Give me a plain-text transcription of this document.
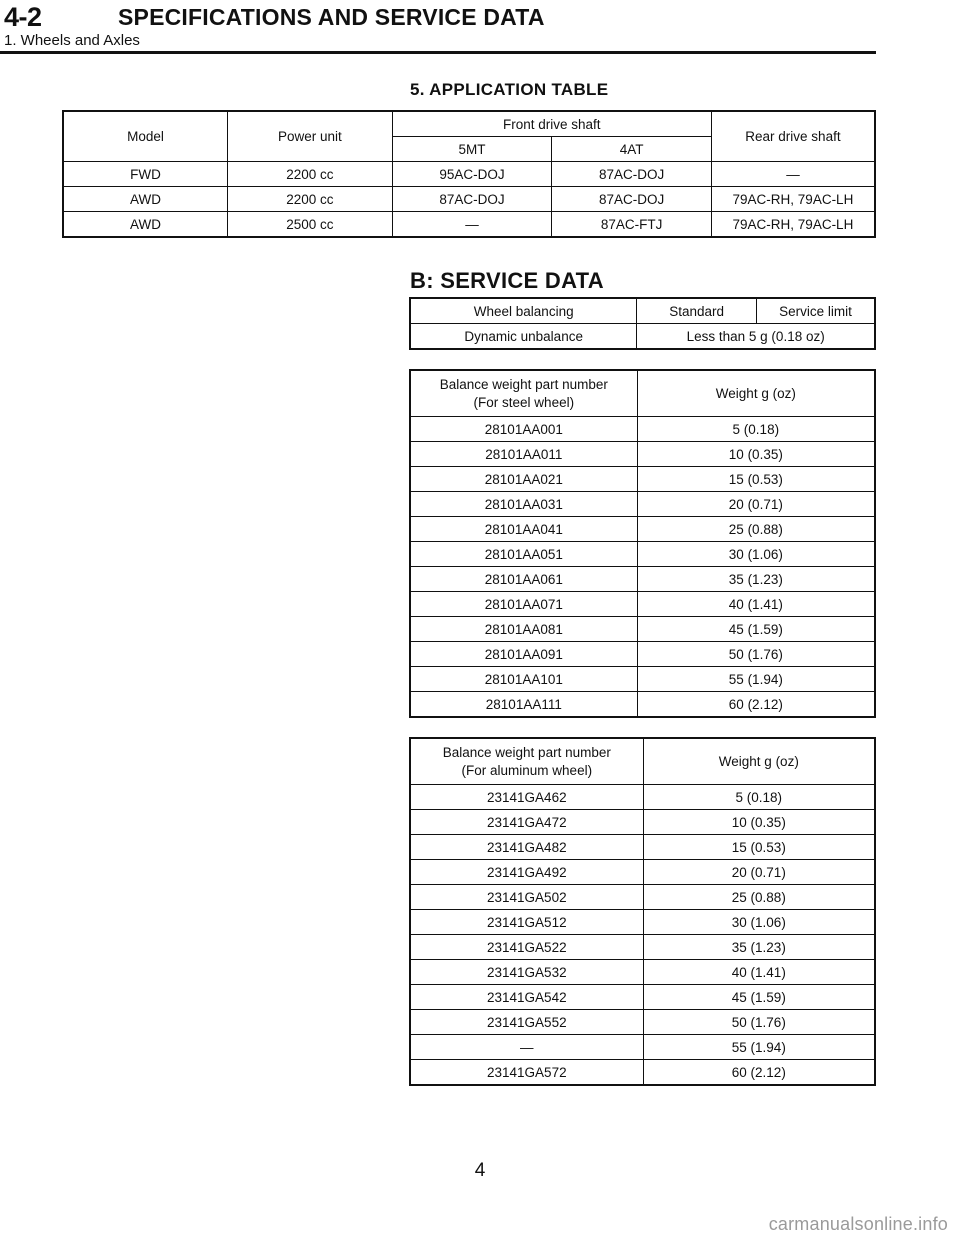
4-2	SPECIFICATIONS AND SERVICE DATA
1. Wheels and Axles
5. APPLICATION TABLE
Model	Power unit	Front drive shaft		Rear drive shaft
		5MT	4AT	
FWD	2200 cc	95AC-DOJ	87AC-DOJ	—
AWD	2200 cc	87AC-DOJ	87AC-DOJ	79AC-RH, 79AC-LH
AWD	2500 cc	—	87AC-FTJ	79AC-RH, 79AC-LH
B: SERVICE DATA
Wheel balancing	Standard	Service limit
Dynamic unbalance	Less than 5 g (0.18 oz)	
Balance weight part number
(For steel wheel)	Weight g (oz)
28101AA001	5 (0.18)
28101AA011	10 (0.35)
28101AA021	15 (0.53)
28101AA031	20 (0.71)
28101AA041	25 (0.88)
28101AA051	30 (1.06)
28101AA061	35 (1.23)
28101AA071	40 (1.41)
28101AA081	45 (1.59)
28101AA091	50 (1.76)
28101AA101	55 (1.94)
28101AA111	60 (2.12)
Balance weight part number
(For aluminum wheel)	Weight g (oz)
23141GA462	5 (0.18)
23141GA472	10 (0.35)
23141GA482	15 (0.53)
23141GA492	20 (0.71)
23141GA502	25 (0.88)
23141GA512	30 (1.06)
23141GA522	35 (1.23)
23141GA532	40 (1.41)
23141GA542	45 (1.59)
23141GA552	50 (1.76)
—	55 (1.94)
23141GA572	60 (2.12)
4
carmanualsonline.info
